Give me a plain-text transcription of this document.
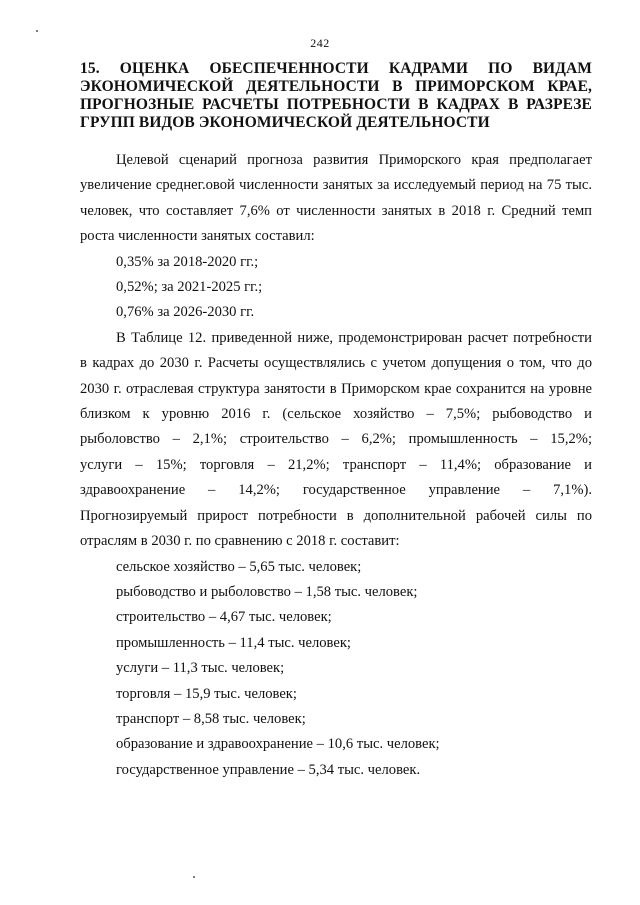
242
15. ОЦЕНКА ОБЕСПЕЧЕННОСТИ КАДРАМИ ПО ВИДАМ
ЭКОНОМИЧЕСКОЙ ДЕЯТЕЛЬНОСТИ В ПРИМОРСКОМ КРАЕ,
ПРОГНОЗНЫЕ РАСЧЕТЫ ПОТРЕБНОСТИ В КАДРАХ В РАЗРЕЗЕ
ГРУПП ВИДОВ ЭКОНОМИЧЕСКОЙ ДЕЯТЕЛЬНОСТИ
Целевой сценарий прогноза развития Приморского края предполагает
увеличение среднег.овой численности занятых за исследуемый период на 75 тыс.
человек, что составляет 7,6% от численности занятых в 2018 г. Средний темп
роста численности занятых составил:

0,35% за 2018-2020 гг.;

0,52%; за 2021-2025 гг.;

0,76% за 2026-2030 гг.

В Таблице 12. приведенной ниже, продемонстрирован расчет потребности
в кадрах до 2030 г. Расчеты осуществлялись с учетом допущения о том, что до
2030 г. отраслевая структура занятости в Приморском крае сохранится на уровне
близком к уровню 2016 г. (сельское хозяйство – 7,5%; рыбоводство и
рыболовство – 2,1%; строительство – 6,2%; промышленность – 15,2%;
услуги – 15%; торговля – 21,2%; транспорт – 11,4%; образование и
здравоохранение – 14,2%; государственное управление – 7,1%).
Прогнозируемый прирост потребности в дополнительной рабочей силы по
отраслям в 2030 г. по сравнению с 2018 г. составит:

сельское хозяйство – 5,65 тыс. человек;

рыбоводство и рыболовство – 1,58 тыс. человек;

строительство – 4,67 тыс. человек;

промышленность – 11,4 тыс. человек;

услуги – 11,3 тыс. человек;

торговля – 15,9 тыс. человек;

транспорт – 8,58 тыс. человек;

образование и здравоохранение – 10,6 тыс. человек;

государственное управление – 5,34 тыс. человек.
